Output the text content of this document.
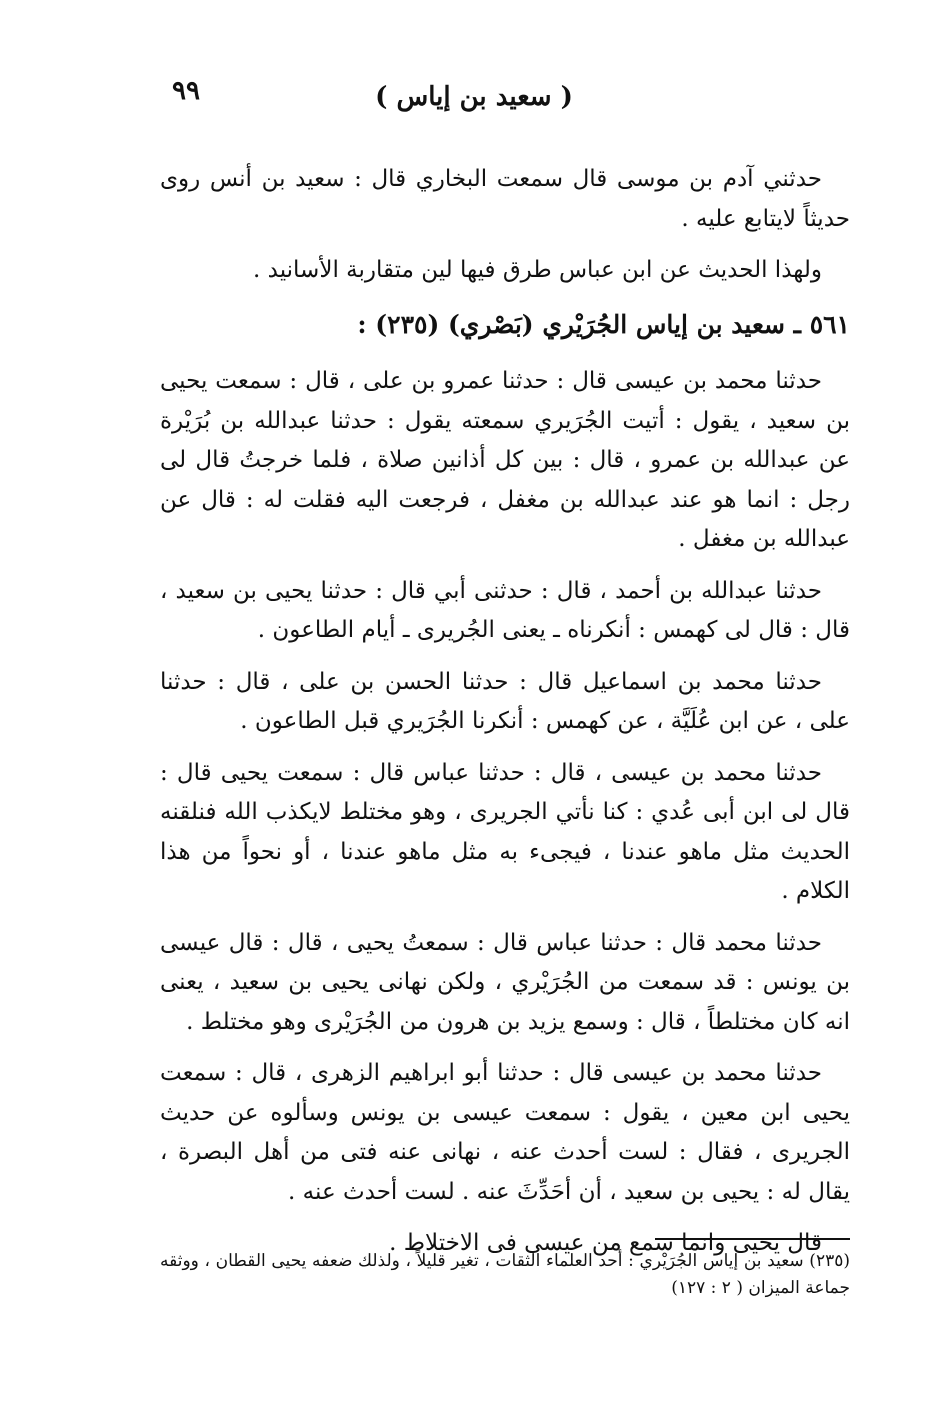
٩٩	( سعيد بن إياس )

حدثني آدم بن موسى قال سمعت البخاري قال : سعيد بن أنس روى حديثاً لايتابع عليه .

ولهذا الحديث عن ابن عباس طرق فيها لين متقاربة الأسانيد .

٥٦١ ـ سعيد بن إياس الجُرَيْري (بَصْري) (٢٣٥) :

حدثنا محمد بن عيسى قال : حدثنا عمرو بن على ، قال : سمعت يحيى بن سعيد ، يقول : أتيت الجُرَيري سمعته يقول : حدثنا عبدالله بن بُرَيْرة عن عبدالله بن عمرو ، قال : بين كل أذانين صلاة ، فلما خرجتُ قال لى رجل : انما هو عند عبدالله بن مغفل ، فرجعت اليه فقلت له : قال عن عبدالله بن مغفل .

حدثنا عبدالله بن أحمد ، قال : حدثنى أبي قال : حدثنا يحيى بن سعيد ، قال : قال لى كهمس : أنكرناه ـ يعنى الجُريرى ـ أيام الطاعون .

حدثنا محمد بن اسماعيل قال : حدثنا الحسن بن على ، قال : حدثنا على ، عن ابن عُلَيَّة ، عن كهمس : أنكرنا الجُرَيري قبل الطاعون .

حدثنا محمد بن عيسى ، قال : حدثنا عباس قال : سمعت يحيى قال : قال لى ابن أبى عُدي : كنا نأتي الجريرى ، وهو مختلط لايكذب الله فنلقنه الحديث مثل ماهو عندنا ، فيجىء به مثل ماهو عندنا ، أو نحواً من هذا الكلام .

حدثنا محمد قال : حدثنا عباس قال : سمعتُ يحيى ، قال : قال عيسى بن يونس : قد سمعت من الجُرَيْري ، ولكن نهانى يحيى بن سعيد ، يعنى انه كان مختلطاً ، قال : وسمع يزيد بن هرون من الجُرَيْرى وهو مختلط .

حدثنا محمد بن عيسى قال : حدثنا أبو ابراهيم الزهرى ، قال : سمعت يحيى ابن معين ، يقول : سمعت عيسى بن يونس وسألوه عن حديث الجريرى ، فقال : لست أحدث عنه ، نهانى عنه فتى من أهل البصرة ، يقال له : يحيى بن سعيد ، أن أحَدِّثَ عنه . لست أحدث عنه .

قال يحيى وانما سمع من عيسى فى الاختلاط .

(٢٣٥) سعيد بن إياس الجُرَيْري : أحد العلماء الثقات ، تغير قليلاً ، ولذلك ضعفه يحيى القطان ، ووثقه جماعة الميزان ( ٢ : ١٢٧)
